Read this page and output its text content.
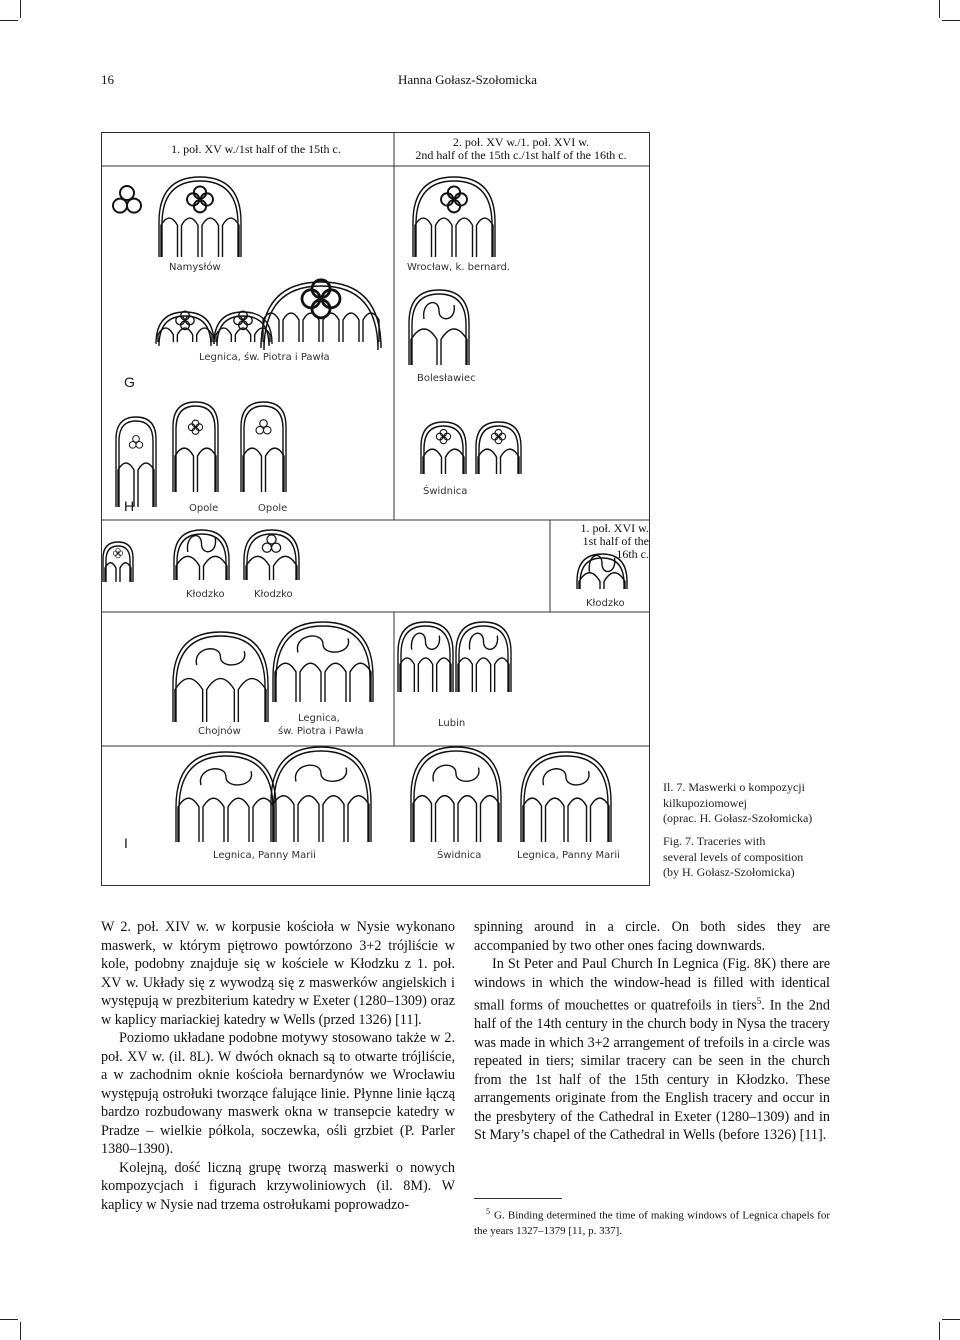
16	Hanna Gołasz-Szołomicka
1. poł. XV w./1st half of the 15th c.	2. poł. XV w./1. poł. XVI w.
2nd half of the 15th c./1st half of the 16th c.
1. poł. XVI w.
1st half of the
16th c.
G
H
I
Namysłów	Wrocław, k. bernard.
Legnica, św. Piotra i Pawła
Bolesławiec
Świdnica
Opole	Opole
Kłodzko	Kłodzko
Kłodzko
Chojnów
Legnica,
św. Piotra i Pawła
Lubin
Legnica, Panny Marii	Świdnica	Legnica, Panny Marii

Il. 7. Maswerki o kompozycji

kilkupoziomowej

(oprac. H. Gołasz-Szołomicka)

Fig. 7. Traceries with

several levels of composition

(by H. Gołasz-Szołomicka)

W 2. poł. XIV w. w korpusie kościoła w Nysie wykonano maswerk, w którym piętrowo powtórzono 3+2 trójliście w kole, podobny znajduje się w kościele w Kłodzku z 1. poł. XV w. Układy się z wywodzą się z maswerków angielskich i występują w prezbiterium katedry w Exeter (1280–1309) oraz w kaplicy mariackiej katedry w Wells (przed 1326) [11].

Poziomo układane podobne motywy stosowano także w 2. poł. XV w. (il. 8L). W dwóch oknach są to otwarte trójliście, a w zachodnim oknie kościoła bernardynów we Wrocławiu występują ostrołuki tworzące falujące linie. Płynne linie łączą bardzo rozbudowany maswerk okna w transepcie katedry w Pradze – wielkie półkola, soczewka, ośli grzbiet (P. Parler 1380–1390).

Kolejną, dość liczną grupę tworzą maswerki o nowych kompozycjach i figurach krzywoliniowych (il. 8M). W kaplicy w Nysie nad trzema ostrołukami poprowadzo-

spinning around in a circle. On both sides they are accompanied by two other ones facing downwards.

In St Peter and Paul Church In Legnica (Fig. 8K) there are windows in which the window-head is filled with identical small forms of mouchettes or quatrefoils in tiers$^5$. In the 2nd half of the 14th century in the church body in Nysa the tracery was made in which 3+2 arrangement of trefoils in a circle was repeated in tiers; similar tracery can be seen in the church from the 1st half of the 15th century in Kłodzko. These arrangements originate from the English tracery and occur in the presbytery of the Cathedral in Exeter (1280–1309) and in St Mary’s chapel of the Cathedral in Wells (before 1326) [11].

$^5$ G. Binding determined the time of making windows of Legnica chapels for the years 1327–1379 [11, p. 337].
